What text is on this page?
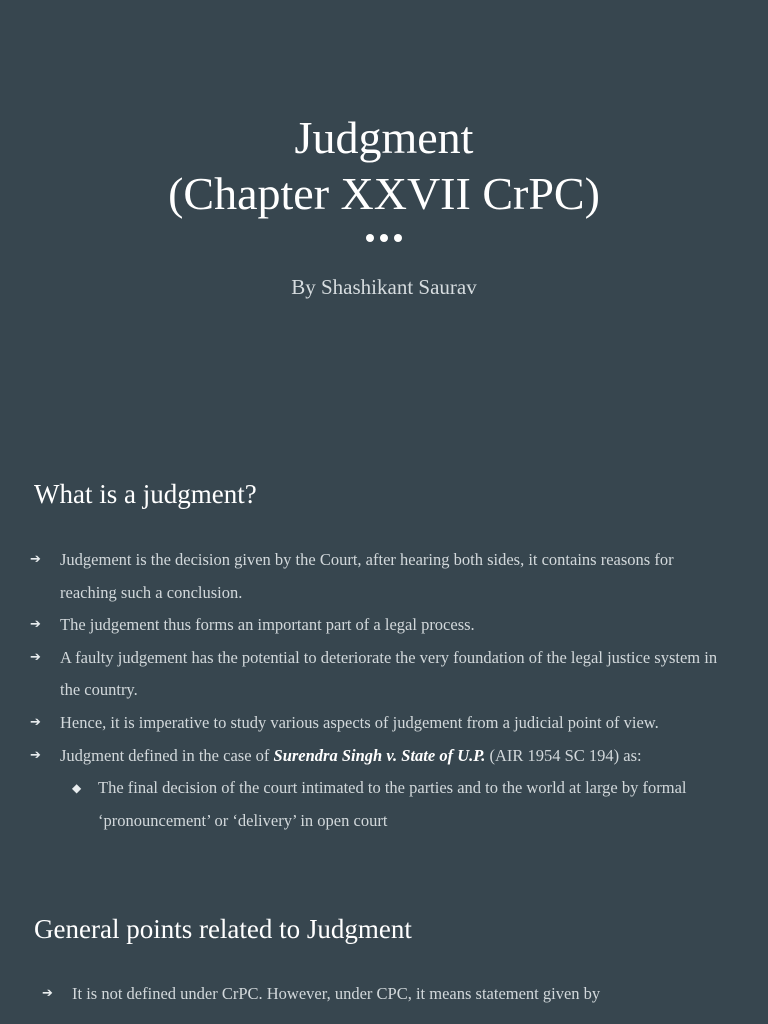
Judgment
(Chapter XXVII CrPC)
By Shashikant Saurav
What is a judgment?
➔ Judgement is the decision given by the Court, after hearing both sides, it contains reasons for reaching such a conclusion.
➔ The judgement thus forms an important part of a legal process.
➔ A faulty judgement has the potential to deteriorate the very foundation of the legal justice system in the country.
➔ Hence, it is imperative to study various aspects of judgement from a judicial point of view.
➔ Judgment defined in the case of Surendra Singh v. State of U.P. (AIR 1954 SC 194) as:
◆ The final decision of the court intimated to the parties and to the world at large by formal ‘pronouncement’ or ‘delivery’ in open court
General points related to Judgment
➔ It is not defined under CrPC. However, under CPC, it means statement given by
